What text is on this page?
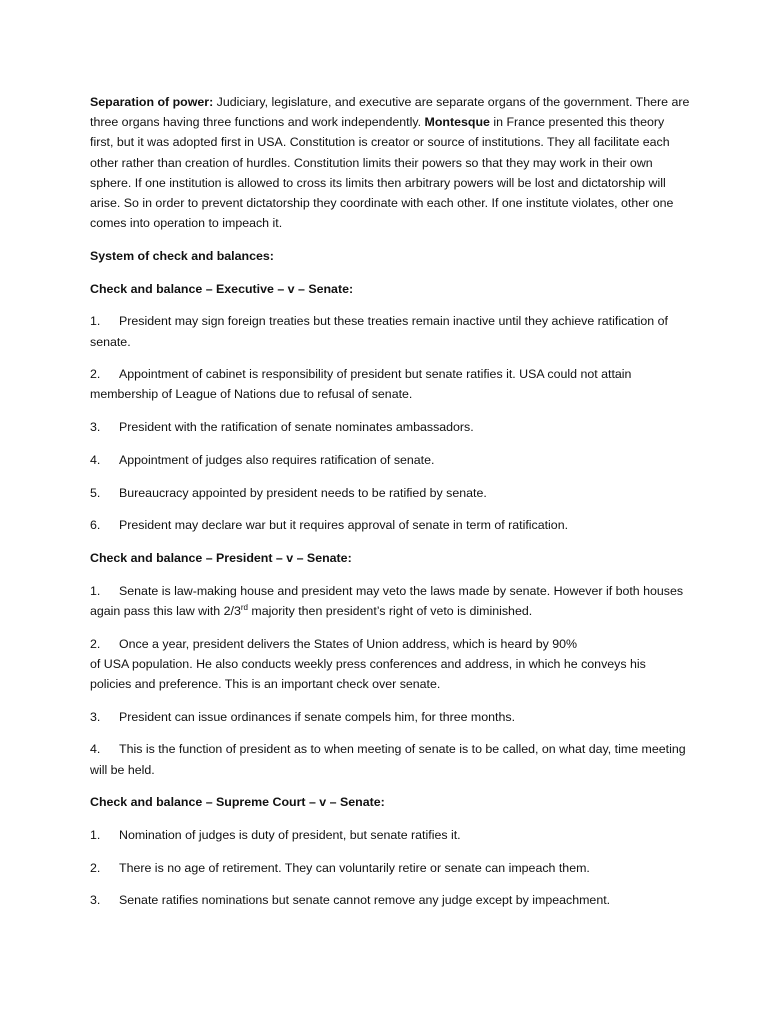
Separation of power: Judiciary, legislature, and executive are separate organs of the government. There are three organs having three functions and work independently. Montesque in France presented this theory first, but it was adopted first in USA. Constitution is creator or source of institutions. They all facilitate each other rather than creation of hurdles. Constitution limits their powers so that they may work in their own sphere. If one institution is allowed to cross its limits then arbitrary powers will be lost and dictatorship will arise. So in order to prevent dictatorship they coordinate with each other. If one institute violates, other one comes into operation to impeach it.

System of check and balances:

Check and balance – Executive – v – Senate:

1. President may sign foreign treaties but these treaties remain inactive until they achieve ratification of senate.

2. Appointment of cabinet is responsibility of president but senate ratifies it. USA could not attain membership of League of Nations due to refusal of senate.

3. President with the ratification of senate nominates ambassadors.

4. Appointment of judges also requires ratification of senate.

5. Bureaucracy appointed by president needs to be ratified by senate.

6. President may declare war but it requires approval of senate in term of ratification.

Check and balance – President – v – Senate:

1. Senate is law-making house and president may veto the laws made by senate. However if both houses again pass this law with 2/3rd majority then president’s right of veto is diminished.

2. Once a year, president delivers the States of Union address, which is heard by 90%
of USA population. He also conducts weekly press conferences and address, in which he conveys his policies and preference. This is an important check over senate.

3. President can issue ordinances if senate compels him, for three months.

4. This is the function of president as to when meeting of senate is to be called, on what day, time meeting will be held.

Check and balance – Supreme Court – v – Senate:

1. Nomination of judges is duty of president, but senate ratifies it.

2. There is no age of retirement. They can voluntarily retire or senate can impeach them.

3. Senate ratifies nominations but senate cannot remove any judge except by impeachment.
